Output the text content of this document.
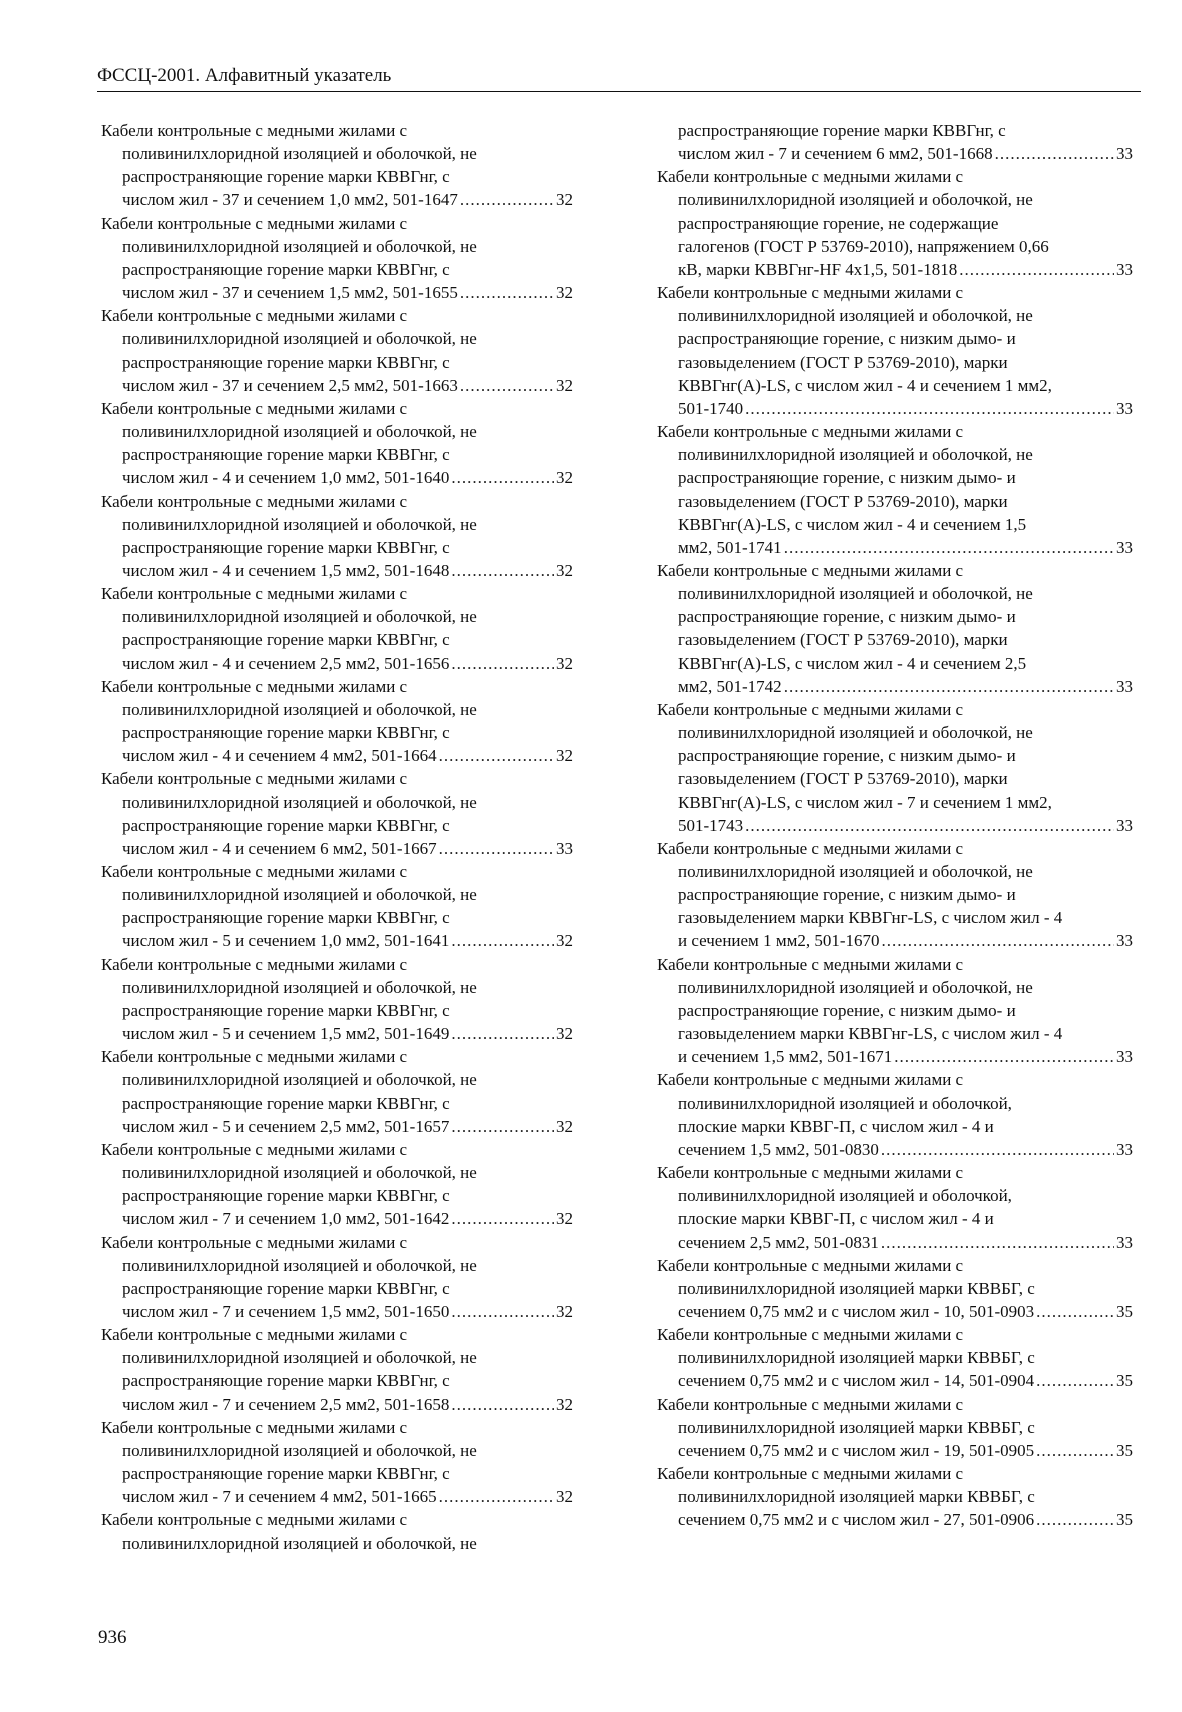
ФССЦ-2001. Алфавитный указатель
Кабели контрольные с медными жилами с
поливинилхлоридной изоляцией и оболочкой, не
распространяющие горение марки КВВГнг, с
числом жил - 37 и сечением 1,0 мм2, 501-1647 .....	32
Кабели контрольные с медными жилами с
поливинилхлоридной изоляцией и оболочкой, не
распространяющие горение марки КВВГнг, с
числом жил - 37 и сечением 1,5 мм2, 501-1655 .....	32
Кабели контрольные с медными жилами с
поливинилхлоридной изоляцией и оболочкой, не
распространяющие горение марки КВВГнг, с
числом жил - 37 и сечением 2,5 мм2, 501-1663 .....	32
Кабели контрольные с медными жилами с
поливинилхлоридной изоляцией и оболочкой, не
распространяющие горение марки КВВГнг, с
числом жил - 4 и сечением 1,0 мм2, 501-1640 .....	32
Кабели контрольные с медными жилами с
поливинилхлоридной изоляцией и оболочкой, не
распространяющие горение марки КВВГнг, с
числом жил - 4 и сечением 1,5 мм2, 501-1648 .....	32
Кабели контрольные с медными жилами с
поливинилхлоридной изоляцией и оболочкой, не
распространяющие горение марки КВВГнг, с
числом жил - 4 и сечением 2,5 мм2, 501-1656 .....	32
Кабели контрольные с медными жилами с
поливинилхлоридной изоляцией и оболочкой, не
распространяющие горение марки КВВГнг, с
числом жил - 4 и сечением 4 мм2, 501-1664 .....	32
Кабели контрольные с медными жилами с
поливинилхлоридной изоляцией и оболочкой, не
распространяющие горение марки КВВГнг, с
числом жил - 4 и сечением 6 мм2, 501-1667 .....	33
Кабели контрольные с медными жилами с
поливинилхлоридной изоляцией и оболочкой, не
распространяющие горение марки КВВГнг, с
числом жил - 5 и сечением 1,0 мм2, 501-1641 .....	32
Кабели контрольные с медными жилами с
поливинилхлоридной изоляцией и оболочкой, не
распространяющие горение марки КВВГнг, с
числом жил - 5 и сечением 1,5 мм2, 501-1649 .....	32
Кабели контрольные с медными жилами с
поливинилхлоридной изоляцией и оболочкой, не
распространяющие горение марки КВВГнг, с
числом жил - 5 и сечением 2,5 мм2, 501-1657 .....	32
Кабели контрольные с медными жилами с
поливинилхлоридной изоляцией и оболочкой, не
распространяющие горение марки КВВГнг, с
числом жил - 7 и сечением 1,0 мм2, 501-1642 .....	32
Кабели контрольные с медными жилами с
поливинилхлоридной изоляцией и оболочкой, не
распространяющие горение марки КВВГнг, с
числом жил - 7 и сечением 1,5 мм2, 501-1650 .....	32
Кабели контрольные с медными жилами с
поливинилхлоридной изоляцией и оболочкой, не
распространяющие горение марки КВВГнг, с
числом жил - 7 и сечением 2,5 мм2, 501-1658 .....	32
Кабели контрольные с медными жилами с
поливинилхлоридной изоляцией и оболочкой, не
распространяющие горение марки КВВГнг, с
числом жил - 7 и сечением 4 мм2, 501-1665 .....	32
Кабели контрольные с медными жилами с
поливинилхлоридной изоляцией и оболочкой, не
распространяющие горение марки КВВГнг, с
числом жил - 7 и сечением 6 мм2, 501-1668 .....	33
Кабели контрольные с медными жилами с
поливинилхлоридной изоляцией и оболочкой, не
распространяющие горение, не содержащие
галогенов (ГОСТ Р 53769-2010), напряжением 0,66
кВ, марки КВВГнг-HF 4x1,5, 501-1818 .....	33
Кабели контрольные с медными жилами с
поливинилхлоридной изоляцией и оболочкой, не
распространяющие горение, с низким дымо- и
газовыделением (ГОСТ Р 53769-2010), марки
КВВГнг(А)-LS, с числом жил - 4 и сечением 1 мм2,
501-1740 .....	33
Кабели контрольные с медными жилами с
поливинилхлоридной изоляцией и оболочкой, не
распространяющие горение, с низким дымо- и
газовыделением (ГОСТ Р 53769-2010), марки
КВВГнг(А)-LS, с числом жил - 4 и сечением 1,5
мм2, 501-1741 .....	33
Кабели контрольные с медными жилами с
поливинилхлоридной изоляцией и оболочкой, не
распространяющие горение, с низким дымо- и
газовыделением (ГОСТ Р 53769-2010), марки
КВВГнг(А)-LS, с числом жил - 4 и сечением 2,5
мм2, 501-1742 .....	33
Кабели контрольные с медными жилами с
поливинилхлоридной изоляцией и оболочкой, не
распространяющие горение, с низким дымо- и
газовыделением (ГОСТ Р 53769-2010), марки
КВВГнг(А)-LS, с числом жил - 7 и сечением 1 мм2,
501-1743 .....	33
Кабели контрольные с медными жилами с
поливинилхлоридной изоляцией и оболочкой, не
распространяющие горение, с низким дымо- и
газовыделением марки КВВГнг-LS, с числом жил - 4
и сечением 1 мм2, 501-1670 .....	33
Кабели контрольные с медными жилами с
поливинилхлоридной изоляцией и оболочкой, не
распространяющие горение, с низким дымо- и
газовыделением марки КВВГнг-LS, с числом жил - 4
и сечением 1,5 мм2, 501-1671 .....	33
Кабели контрольные с медными жилами с
поливинилхлоридной изоляцией и оболочкой,
плоские марки КВВГ-П, с числом жил - 4 и
сечением 1,5 мм2, 501-0830 .....	33
Кабели контрольные с медными жилами с
поливинилхлоридной изоляцией и оболочкой,
плоские марки КВВГ-П, с числом жил - 4 и
сечением 2,5 мм2, 501-0831 .....	33
Кабели контрольные с медными жилами с
поливинилхлоридной изоляцией марки КВВБГ, с
сечением 0,75 мм2 и с числом жил - 10, 501-0903 .....	35
Кабели контрольные с медными жилами с
поливинилхлоридной изоляцией марки КВВБГ, с
сечением 0,75 мм2 и с числом жил - 14, 501-0904 .....	35
Кабели контрольные с медными жилами с
поливинилхлоридной изоляцией марки КВВБГ, с
сечением 0,75 мм2 и с числом жил - 19, 501-0905 .....	35
Кабели контрольные с медными жилами с
поливинилхлоридной изоляцией марки КВВБГ, с
сечением 0,75 мм2 и с числом жил - 27, 501-0906 .....	35
936
